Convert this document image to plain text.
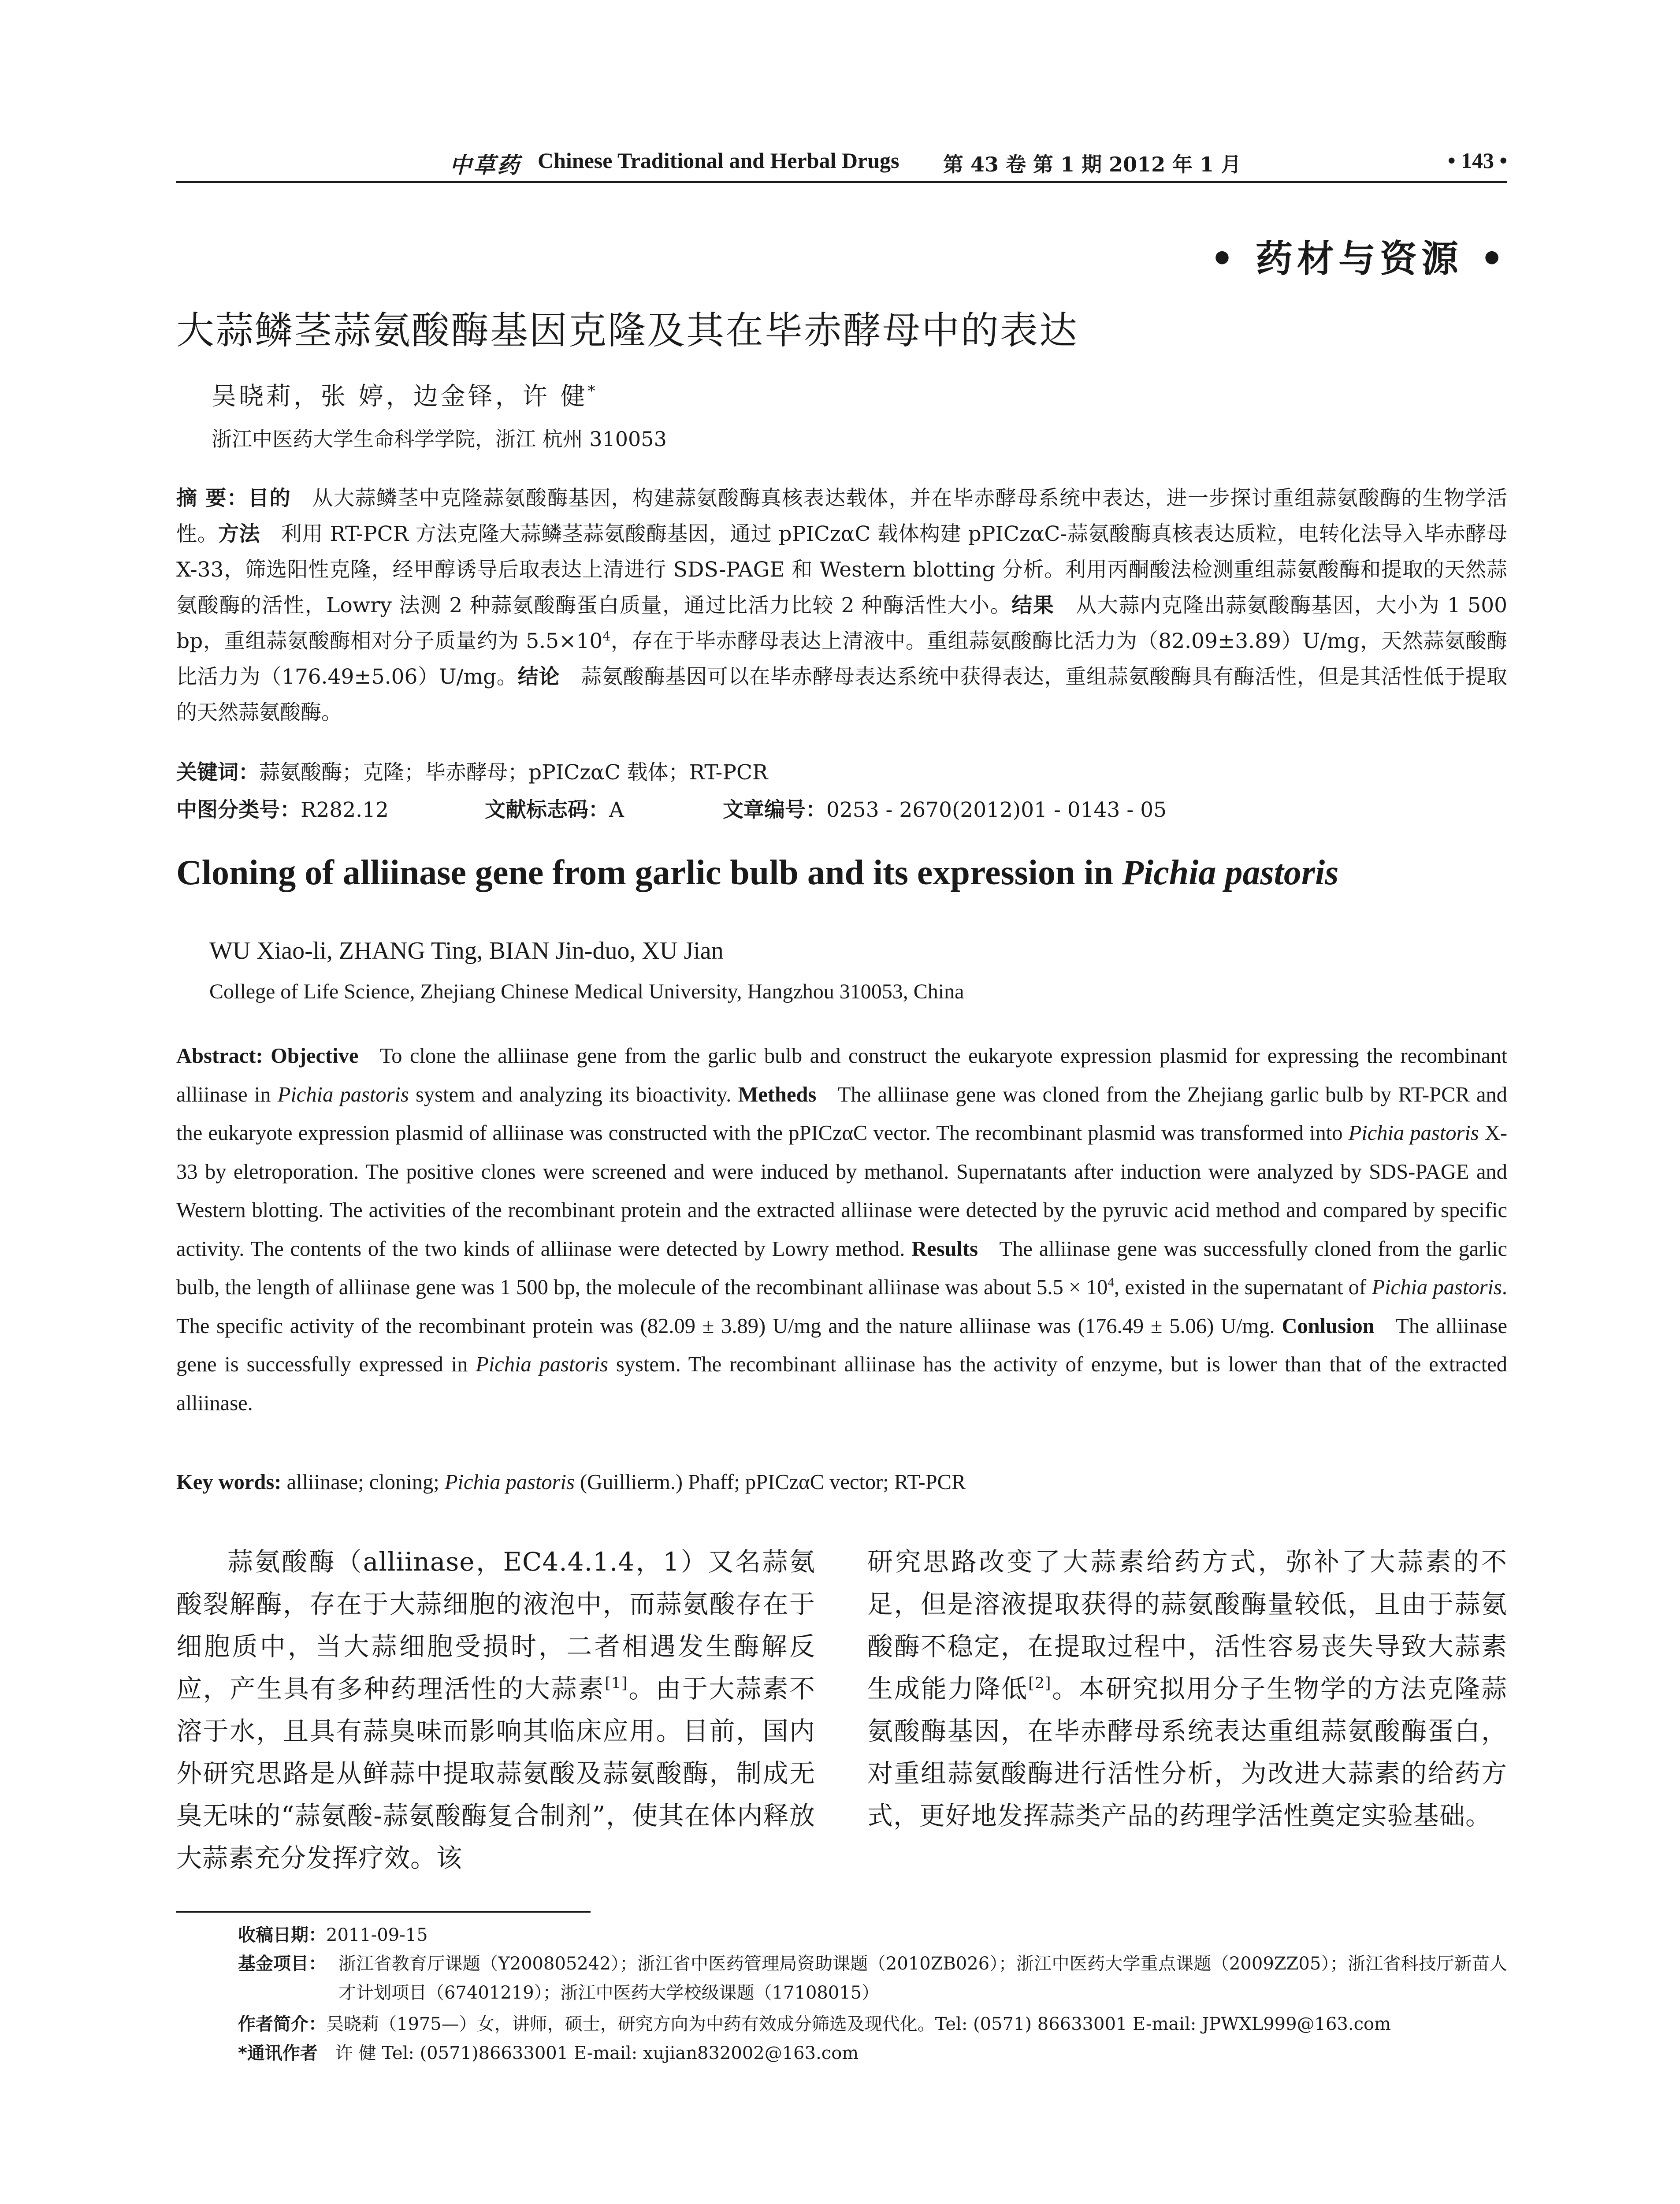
中草药 Chinese Traditional and Herbal Drugs 第 43 卷 第 1 期 2012 年 1 月	• 143 •
• 药材与资源 •
大蒜鳞茎蒜氨酸酶基因克隆及其在毕赤酵母中的表达
吴晓莉，张 婷，边金铎，许 健*
浙江中医药大学生命科学学院，浙江 杭州 310053
摘 要：目的  从大蒜鳞茎中克隆蒜氨酸酶基因，构建蒜氨酸酶真核表达载体，并在毕赤酵母系统中表达，进一步探讨重组蒜氨酸酶的生物学活性。方法  利用 RT-PCR 方法克隆大蒜鳞茎蒜氨酸酶基因，通过 pPICzαC 载体构建 pPICzαC-蒜氨酸酶真核表达质粒，电转化法导入毕赤酵母 X-33，筛选阳性克隆，经甲醇诱导后取表达上清进行 SDS-PAGE 和 Western blotting 分析。利用丙酮酸法检测重组蒜氨酸酶和提取的天然蒜氨酸酶的活性，Lowry 法测 2 种蒜氨酸酶蛋白质量，通过比活力比较 2 种酶活性大小。结果  从大蒜内克隆出蒜氨酸酶基因，大小为 1 500 bp，重组蒜氨酸酶相对分子质量约为 $5.5\times 10^4$，存在于毕赤酵母表达上清液中。重组蒜氨酸酶比活力为（82.09±3.89）U/mg，天然蒜氨酸酶比活力为（176.49±5.06）U/mg。结论  蒜氨酸酶基因可以在毕赤酵母表达系统中获得表达，重组蒜氨酸酶具有酶活性，但是其活性低于提取的天然蒜氨酸酶。
关键词：蒜氨酸酶；克隆；毕赤酵母；pPICzαC 载体；RT-PCR
中图分类号：R282.12	文献标志码：A	文章编号：0253 - 2670(2012)01 - 0143 - 05
Cloning of alliinase gene from garlic bulb and its expression in Pichia pastoris
WU Xiao-li, ZHANG Ting, BIAN Jin-duo, XU Jian
College of Life Science, Zhejiang Chinese Medical University, Hangzhou 310053, China
Abstract: Objective   To clone the alliinase gene from the garlic bulb and construct the eukaryote expression plasmid for expressing the recombinant alliinase in Pichia pastoris system and analyzing its bioactivity. Metheds   The alliinase gene was cloned from the Zhejiang garlic bulb by RT-PCR and the eukaryote expression plasmid of alliinase was constructed with the pPICzαC vector. The recombinant plasmid was transformed into Pichia pastoris X-33 by eletroporation. The positive clones were screened and were induced by methanol. Supernatants after induction were analyzed by SDS-PAGE and Western blotting. The activities of the recombinant protein and the extracted alliinase were detected by the pyruvic acid method and compared by specific activity. The contents of the two kinds of alliinase were detected by Lowry method. Results   The alliinase gene was successfully cloned from the garlic bulb, the length of alliinase gene was 1 500 bp, the molecule of the recombinant alliinase was about $5.5 \times 10^4$, existed in the supernatant of Pichia pastoris. The specific activity of the recombinant protein was (82.09 ± 3.89) U/mg and the nature alliinase was (176.49 ± 5.06) U/mg. Conlusion   The alliinase gene is successfully expressed in Pichia pastoris system. The recombinant alliinase has the activity of enzyme, but is lower than that of the extracted alliinase.
Key words: alliinase; cloning; Pichia pastoris (Guillierm.) Phaff; pPICzαC vector; RT-PCR
蒜氨酸酶（alliinase，EC4.4.1.4，1）又名蒜氨酸裂解酶，存在于大蒜细胞的液泡中，而蒜氨酸存在于细胞质中，当大蒜细胞受损时，二者相遇发生酶解反应，产生具有多种药理活性的大蒜素[1]。由于大蒜素不溶于水，且具有蒜臭味而影响其临床应用。目前，国内外研究思路是从鲜蒜中提取蒜氨酸及蒜氨酸酶，制成无臭无味的“蒜氨酸-蒜氨酸酶复合制剂”，使其在体内释放大蒜素充分发挥疗效。该
研究思路改变了大蒜素给药方式，弥补了大蒜素的不足，但是溶液提取获得的蒜氨酸酶量较低，且由于蒜氨酸酶不稳定，在提取过程中，活性容易丧失导致大蒜素生成能力降低[2]。本研究拟用分子生物学的方法克隆蒜氨酸酶基因，在毕赤酵母系统表达重组蒜氨酸酶蛋白，对重组蒜氨酸酶进行活性分析，为改进大蒜素的给药方式，更好地发挥蒜类产品的药理学活性奠定实验基础。
收稿日期：2011-09-15
基金项目： 浙江省教育厅课题（Y200805242）；浙江省中医药管理局资助课题（2010ZB026）；浙江中医药大学重点课题（2009ZZ05）；浙江省科技厅新苗人才计划项目（67401219）；浙江中医药大学校级课题（17108015）
作者简介：吴晓莉（1975—）女，讲师，硕士，研究方向为中药有效成分筛选及现代化。Tel: (0571) 86633001 E-mail: JPWXL999@163.com
*通讯作者  许 健 Tel: (0571)86633001 E-mail: xujian832002@163.com
